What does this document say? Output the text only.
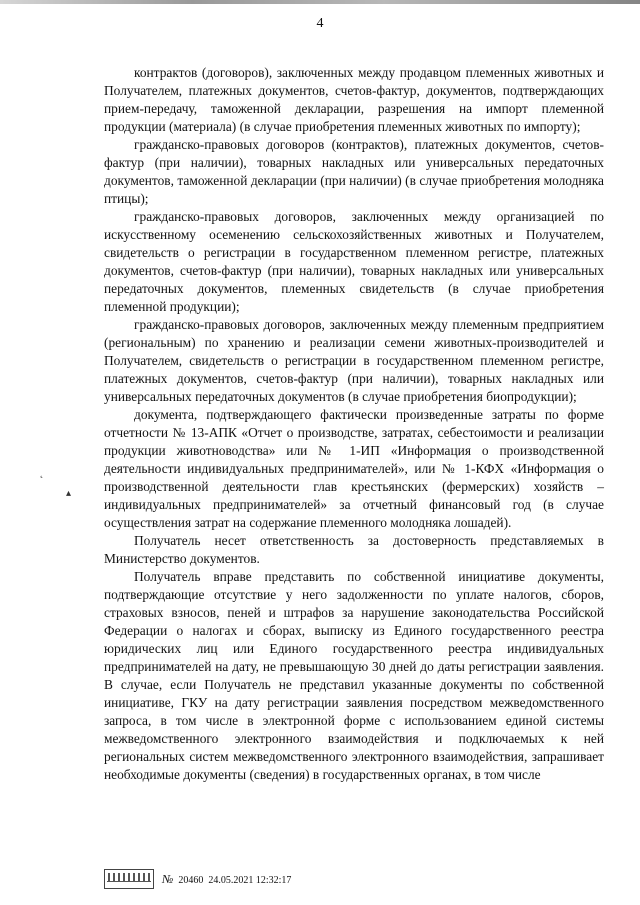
4

контрактов (договоров), заключенных между продавцом племенных животных и Получателем, платежных документов, счетов-фактур, документов, подтверждающих прием-передачу, таможенной декларации, разрешения на импорт племенной продукции (материала) (в случае приобретения племенных животных по импорту);

гражданско-правовых договоров (контрактов), платежных документов, счетов-фактур (при наличии), товарных накладных или универсальных передаточных документов, таможенной декларации (при наличии) (в случае приобретения молодняка птицы);

гражданско-правовых договоров, заключенных между организацией по искусственному осеменению сельскохозяйственных животных и Получателем, свидетельств о регистрации в государственном племенном регистре, платежных документов, счетов-фактур (при наличии), товарных накладных или универсальных передаточных документов, племенных свидетельств (в случае приобретения племенной продукции);

гражданско-правовых договоров, заключенных между племенным предприятием (региональным) по хранению и реализации семени животных-производителей и Получателем, свидетельств о регистрации в государственном племенном регистре, платежных документов, счетов-фактур (при наличии), товарных накладных или универсальных передаточных документов (в случае приобретения биопродукции);

документа, подтверждающего фактически произведенные затраты по форме отчетности № 13-АПК «Отчет о производстве, затратах, себестоимости и реализации продукции животноводства» или № 1-ИП «Информация о производственной деятельности индивидуальных предпринимателей», или № 1-КФХ «Информация о производственной деятельности глав крестьянских (фермерских) хозяйств – индивидуальных предпринимателей» за отчетный финансовый год (в случае осуществления затрат на содержание племенного молодняка лошадей).

Получатель несет ответственность за достоверность представляемых в Министерство документов.

Получатель вправе представить по собственной инициативе документы, подтверждающие отсутствие у него задолженности по уплате налогов, сборов, страховых взносов, пеней и штрафов за нарушение законодательства Российской Федерации о налогах и сборах, выписку из Единого государственного реестра юридических лиц или Единого государственного реестра индивидуальных предпринимателей на дату, не превышающую 30 дней до даты регистрации заявления. В случае, если Получатель не представил указанные документы по собственной инициативе, ГКУ на дату регистрации заявления посредством межведомственного запроса, в том числе в электронной форме с использованием единой системы межведомственного электронного взаимодействия и подключаемых к ней региональных систем межведомственного электронного взаимодействия, запрашивает необходимые документы (сведения) в государственных органах, в том числе

˛
▴
№ 20460 24.05.2021 12:32:17
